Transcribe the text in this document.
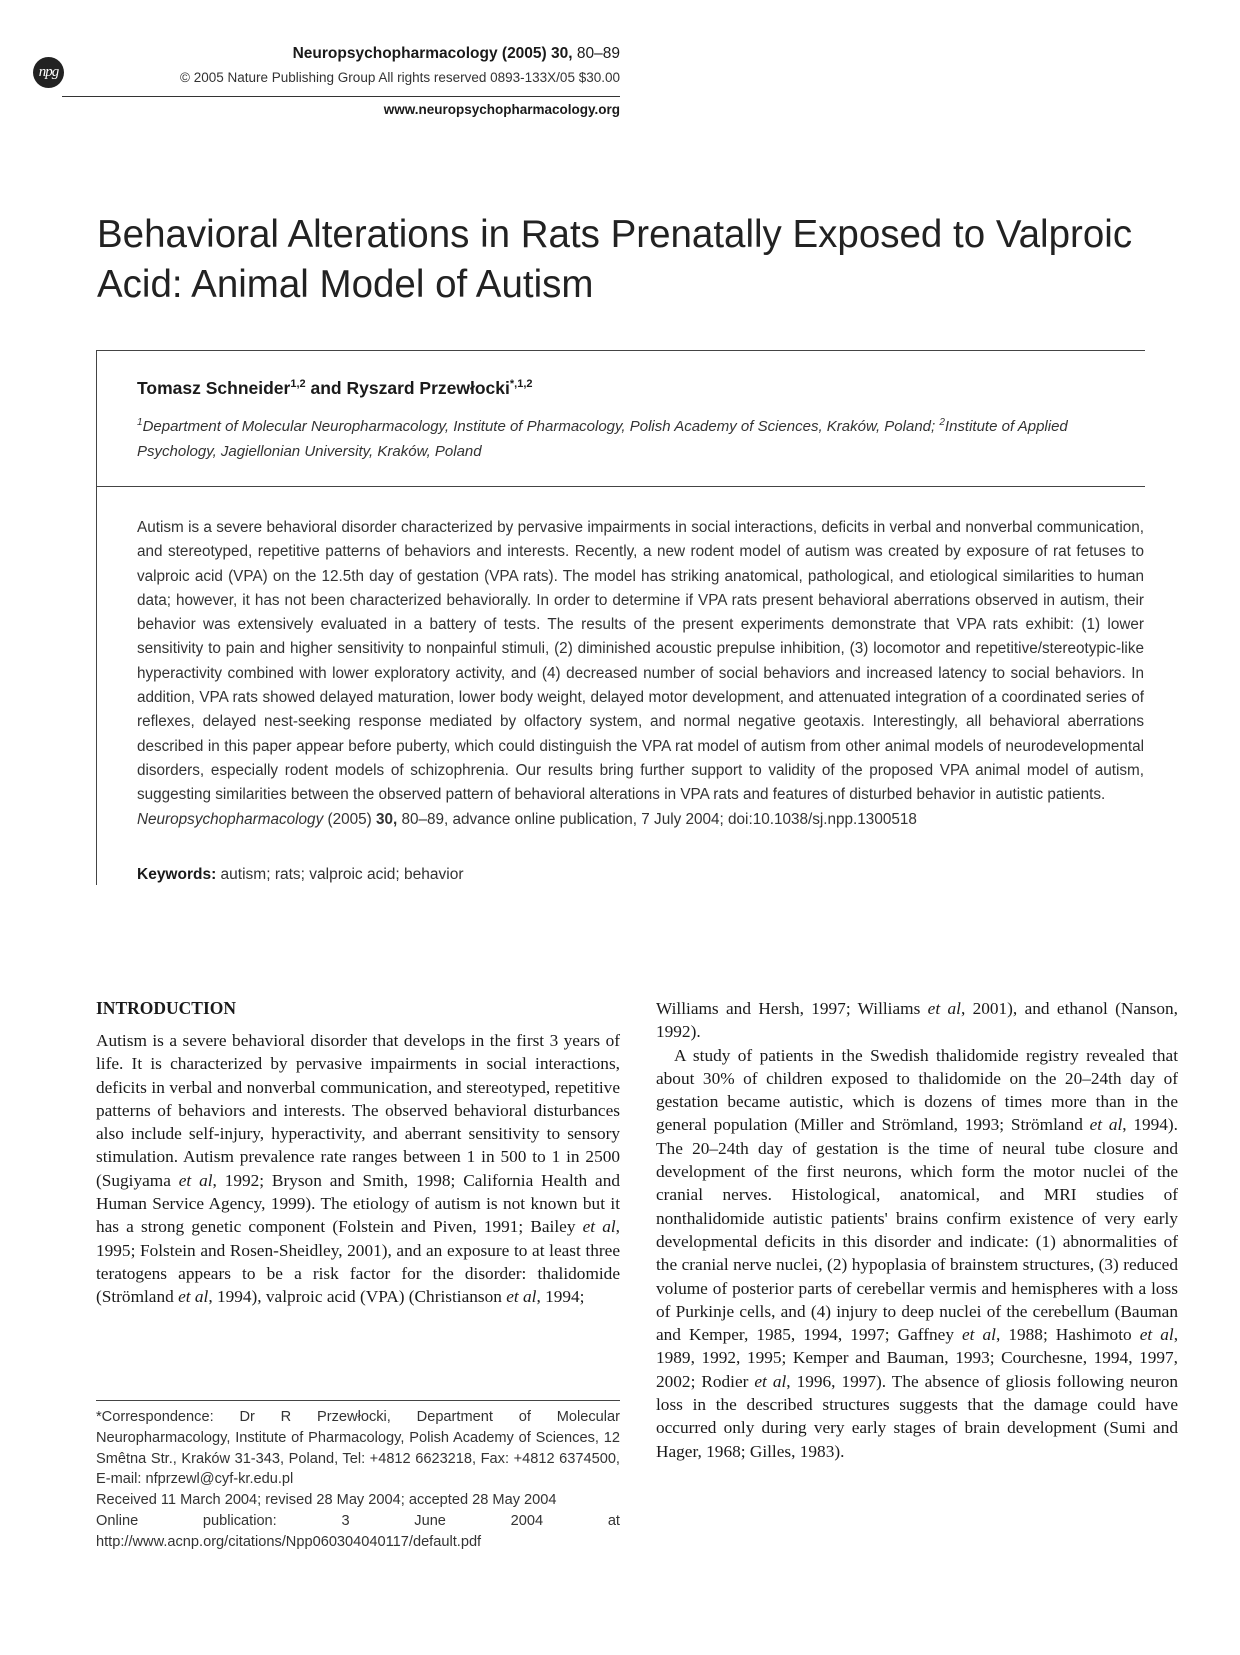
npg
Neuropsychopharmacology (2005) 30, 80–89
© 2005 Nature Publishing Group All rights reserved 0893-133X/05 $30.00
www.neuropsychopharmacology.org
Behavioral Alterations in Rats Prenatally Exposed to Valproic Acid: Animal Model of Autism
Tomasz Schneider$^{1,2}$ and Ryszard Przewłocki$^{*,1,2}$
$^1$Department of Molecular Neuropharmacology, Institute of Pharmacology, Polish Academy of Sciences, Kraków, Poland; $^2$Institute of Applied Psychology, Jagiellonian University, Kraków, Poland
Autism is a severe behavioral disorder characterized by pervasive impairments in social interactions, deficits in verbal and nonverbal communication, and stereotyped, repetitive patterns of behaviors and interests. Recently, a new rodent model of autism was created by exposure of rat fetuses to valproic acid (VPA) on the 12.5th day of gestation (VPA rats). The model has striking anatomical, pathological, and etiological similarities to human data; however, it has not been characterized behaviorally. In order to determine if VPA rats present behavioral aberrations observed in autism, their behavior was extensively evaluated in a battery of tests. The results of the present experiments demonstrate that VPA rats exhibit: (1) lower sensitivity to pain and higher sensitivity to nonpainful stimuli, (2) diminished acoustic prepulse inhibition, (3) locomotor and repetitive/stereotypic-like hyperactivity combined with lower exploratory activity, and (4) decreased number of social behaviors and increased latency to social behaviors. In addition, VPA rats showed delayed maturation, lower body weight, delayed motor development, and attenuated integration of a coordinated series of reflexes, delayed nest-seeking response mediated by olfactory system, and normal negative geotaxis. Interestingly, all behavioral aberrations described in this paper appear before puberty, which could distinguish the VPA rat model of autism from other animal models of neurodevelopmental disorders, especially rodent models of schizophrenia. Our results bring further support to validity of the proposed VPA animal model of autism, suggesting similarities between the observed pattern of behavioral alterations in VPA rats and features of disturbed behavior in autistic patients.
Neuropsychopharmacology (2005) 30, 80–89, advance online publication, 7 July 2004; doi:10.1038/sj.npp.1300518
Keywords: autism; rats; valproic acid; behavior
INTRODUCTION

Autism is a severe behavioral disorder that develops in the first 3 years of life. It is characterized by pervasive impairments in social interactions, deficits in verbal and nonverbal communication, and stereotyped, repetitive patterns of behaviors and interests. The observed behavioral disturbances also include self-injury, hyperactivity, and aberrant sensitivity to sensory stimulation. Autism prevalence rate ranges between 1 in 500 to 1 in 2500 (Sugiyama et al, 1992; Bryson and Smith, 1998; California Health and Human Service Agency, 1999). The etiology of autism is not known but it has a strong genetic component (Folstein and Piven, 1991; Bailey et al, 1995; Folstein and Rosen-Sheidley, 2001), and an exposure to at least three teratogens appears to be a risk factor for the disorder: thalidomide (Strömland et al, 1994), valproic acid (VPA) (Christianson et al, 1994;

*Correspondence: Dr R Przewłocki, Department of Molecular Neuropharmacology, Institute of Pharmacology, Polish Academy of Sciences, 12 Smêtna Str., Kraków 31-343, Poland, Tel: +4812 6623218, Fax: +4812 6374500, E-mail: nfprzewl@cyf-kr.edu.pl
Received 11 March 2004; revised 28 May 2004; accepted 28 May 2004
Online publication: 3 June 2004 at http://www.acnp.org/citations/Npp060304040117/default.pdf

Williams and Hersh, 1997; Williams et al, 2001), and ethanol (Nanson, 1992).

A study of patients in the Swedish thalidomide registry revealed that about 30% of children exposed to thalidomide on the 20–24th day of gestation became autistic, which is dozens of times more than in the general population (Miller and Strömland, 1993; Strömland et al, 1994). The 20–24th day of gestation is the time of neural tube closure and development of the first neurons, which form the motor nuclei of the cranial nerves. Histological, anatomical, and MRI studies of nonthalidomide autistic patients' brains confirm existence of very early developmental deficits in this disorder and indicate: (1) abnormalities of the cranial nerve nuclei, (2) hypoplasia of brainstem structures, (3) reduced volume of posterior parts of cerebellar vermis and hemispheres with a loss of Purkinje cells, and (4) injury to deep nuclei of the cerebellum (Bauman and Kemper, 1985, 1994, 1997; Gaffney et al, 1988; Hashimoto et al, 1989, 1992, 1995; Kemper and Bauman, 1993; Courchesne, 1994, 1997, 2002; Rodier et al, 1996, 1997). The absence of gliosis following neuron loss in the described structures suggests that the damage could have occurred only during very early stages of brain development (Sumi and Hager, 1968; Gilles, 1983).
